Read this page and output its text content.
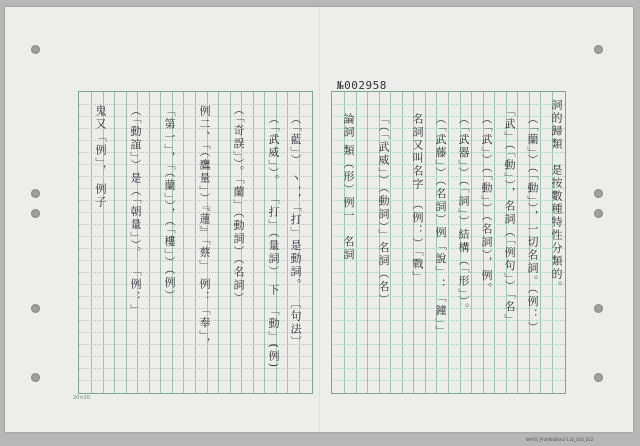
№002958
20×20
（「藍」） 丶，，「打」是動詞。 〔句法〕
（「武威」）。 「打」（量詞） 下　「動」(例)
（「奇誤」）。「蘭」（動詞）（名詞）
例二、「（鷹量」）『蓮』「蔡」 例：「奉」，
「第一」，「（蘭」），（「樓」）（例）
（「動誼」）是（「朝量」）。 「例：」
鬼又「例」， 例子	詞的歸類　是按數種特性分類的。
（「蘭」）（「動」），一切名詞。（例：）
「武」（「動」），名詞（「例句」）「名」
（「武」）（「動」）（名詞），例。
（「武器」）（「詞」）結構（「形」）。
（「武藤」）（名詞）例「說」：「鐘」」
名詞又叫名字　（例：）「戰」
「（「武威」）（動詞）」名詞（名）
論詞 類（形）例一　名詞
WHYS_Pnh9b08ae2-116_018_022
